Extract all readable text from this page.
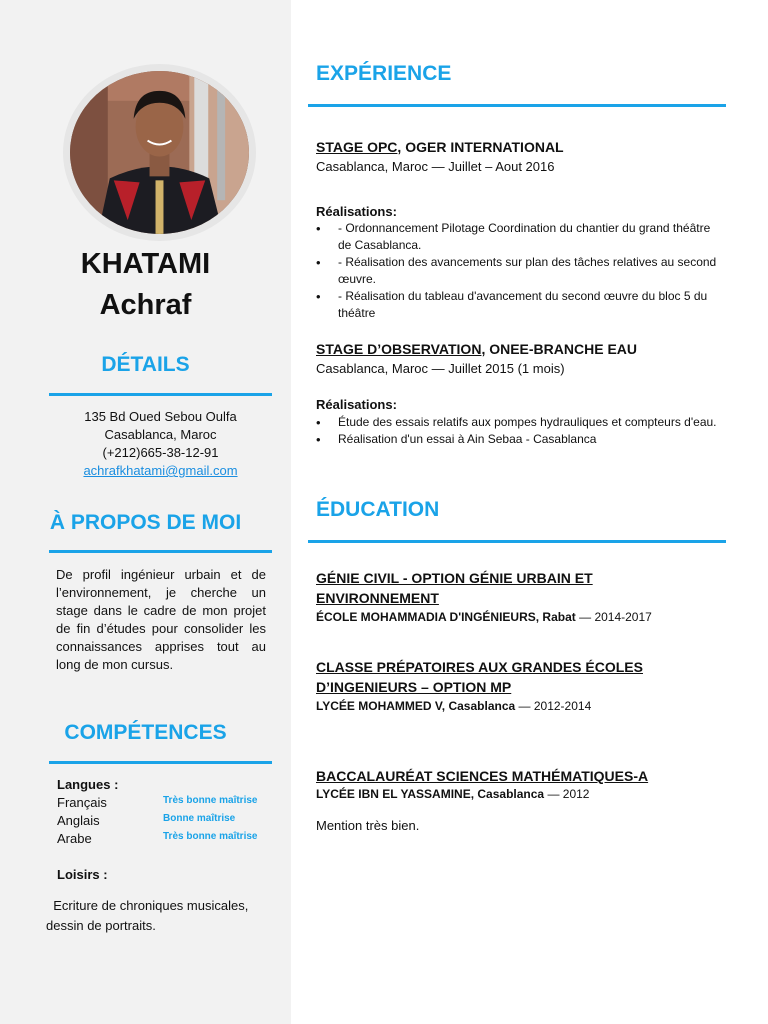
KHATAMI
Achraf
DÉTAILS
135 Bd Oued Sebou Oulfa
Casablanca, Maroc
(+212)665-38-12-91
achrafkhatami@gmail.com
À PROPOS DE MOI
De profil ingénieur urbain et de l’environnement, je cherche un stage dans le cadre de mon projet de fin d’études pour consolider les connaissances apprises tout au long de mon cursus.
COMPÉTENCES
Langues :
Français	Très bonne maîtrise
Anglais	Bonne maîtrise
Arabe	Très bonne maîtrise
Loisirs :
Ecriture de chroniques musicales, dessin de portraits.
EXPÉRIENCE
STAGE OPC, OGER INTERNATIONAL
Casablanca, Maroc — Juillet – Aout 2016
Réalisations:
• - Ordonnancement Pilotage Coordination du chantier du grand théâtre de Casablanca.
• - Réalisation des avancements sur plan des tâches relatives au second œuvre.
• - Réalisation du tableau d'avancement du second œuvre du bloc 5 du théâtre
STAGE D’OBSERVATION, ONEE-BRANCHE EAU
Casablanca, Maroc — Juillet 2015 (1 mois)
Réalisations:
• Étude des essais relatifs aux pompes hydrauliques et compteurs d'eau.
• Réalisation d'un essai à Ain Sebaa - Casablanca
ÉDUCATION
GÉNIE CIVIL - OPTION GÉNIE URBAIN ET
ENVIRONNEMENT
ÉCOLE MOHAMMADIA D'INGÉNIEURS, Rabat — 2014-2017
CLASSE PRÉPATOIRES AUX GRANDES ÉCOLES
D’INGENIEURS – OPTION MP
LYCÉE MOHAMMED V, Casablanca — 2012-2014
BACCALAURÉAT SCIENCES MATHÉMATIQUES-A
LYCÉE IBN EL YASSAMINE, Casablanca — 2012
Mention très bien.
